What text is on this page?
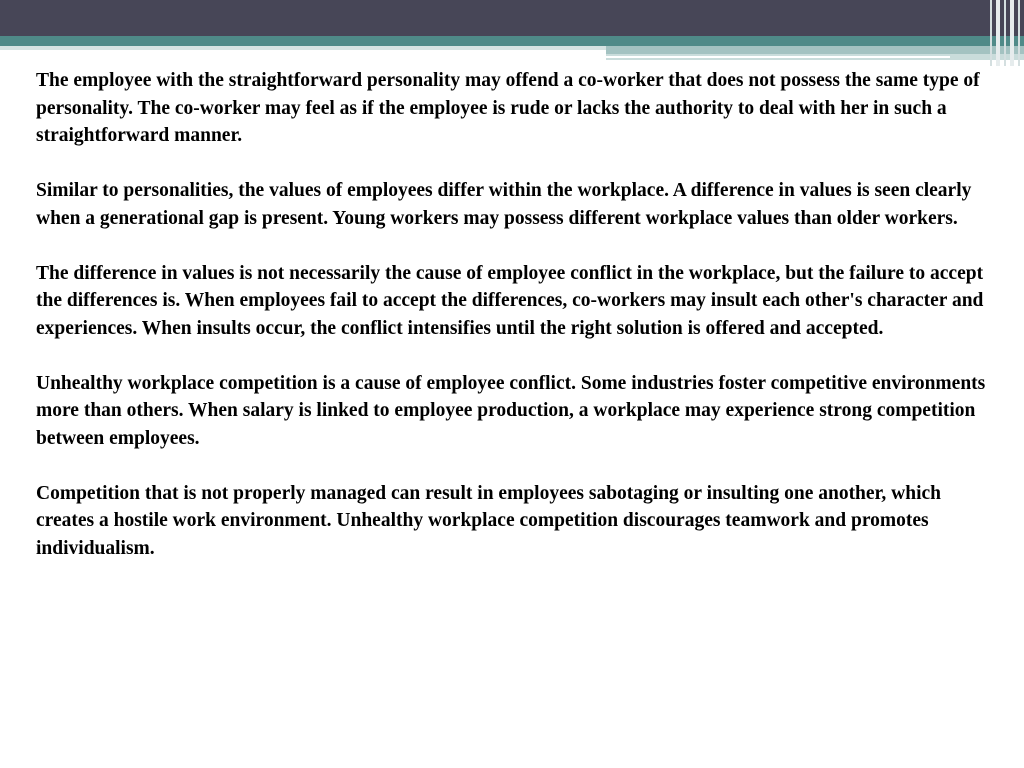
The employee with the straightforward personality may offend a co-worker that does not possess the same type of personality. The co-worker may feel as if the employee is rude or lacks the authority to deal with her in such a straightforward manner.

Similar to personalities, the values of employees differ within the workplace. A difference in values is seen clearly when a generational gap is present. Young workers may possess different workplace values than older workers.

The difference in values is not necessarily the cause of employee conflict in the workplace, but the failure to accept the differences is. When employees fail to accept the differences, co-workers may insult each other's character and experiences. When insults occur, the conflict intensifies until the right solution is offered and accepted.

Unhealthy workplace competition is a cause of employee conflict. Some industries foster competitive environments more than others. When salary is linked to employee production, a workplace may experience strong competition between employees.

Competition that is not properly managed can result in employees sabotaging or insulting one another, which creates a hostile work environment. Unhealthy workplace competition discourages teamwork and promotes individualism.
